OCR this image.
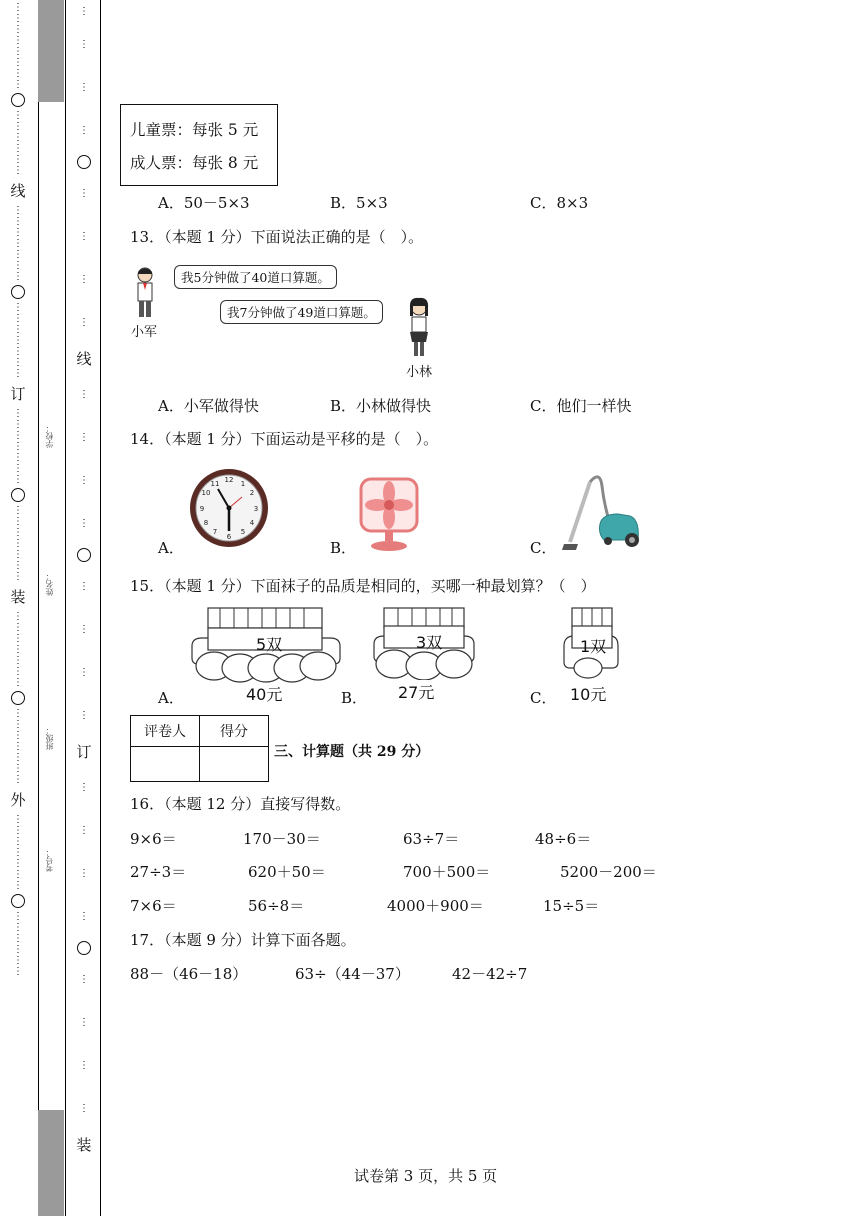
⋮
⋮
⋮
⋮
⋮
⋮
⋮
⋮
⋮
⋮
⋮
⋮
⋮
⋮
线
⋮
⋮
⋮
⋮
⋮
⋮
⋮
⋮
⋮
⋮
⋮
⋮
⋮
⋮
订
⋮
⋮
⋮
⋮
⋮
⋮
⋮
⋮
⋮
⋮
⋮
⋮
⋮
⋮
装
⋮
⋮
⋮
⋮
⋮
⋮
⋮
⋮
⋮
⋮
⋮
⋮
⋮
⋮
外
⋮
⋮
⋮
⋮
⋮
⋮
⋮
⋮
⋮
⋮
⋮
⋮
⋮
学校：
姓名：
班级：
考号：
⋮
⋮
⋮
⋮
⋮
⋮
⋮
⋮
线
⋮
⋮
⋮
⋮
⋮
⋮
⋮
⋮
订
⋮
⋮
⋮
⋮
⋮
⋮
⋮
⋮
装
儿童票：每张 5 元
成人票：每张 8 元
A．50－5×3	B．5×3	C．8×3
13．（本题 1 分）下面说法正确的是（　）。
小军
我5分钟做了40道口算题。
我7分钟做了49道口算题。
小林
A．小军做得快	B．小林做得快	C．他们一样快
14．（本题 1 分）下面运动是平移的是（　）。
A．
12 1
2
3
4
5
6
7
8
9
10
11
B．	C．
15．（本题 1 分）下面袜子的品质是相同的，买哪一种最划算？（　）
A．
5双
40元	B．
3双
27元	C．
1双
10元
评卷人	得分

三、计算题（共 29 分）
16．（本题 12 分）直接写得数。
9×6＝	170－30＝	63÷7＝	48÷6＝
27÷3＝	620＋50＝	700＋500＝	5200－200＝
7×6＝	56÷8＝	4000＋900＝	15÷5＝
17．（本题 9 分）计算下面各题。
88－（46－18）	63÷（44－37）	42－42÷7
试卷第 3 页，共 5 页
